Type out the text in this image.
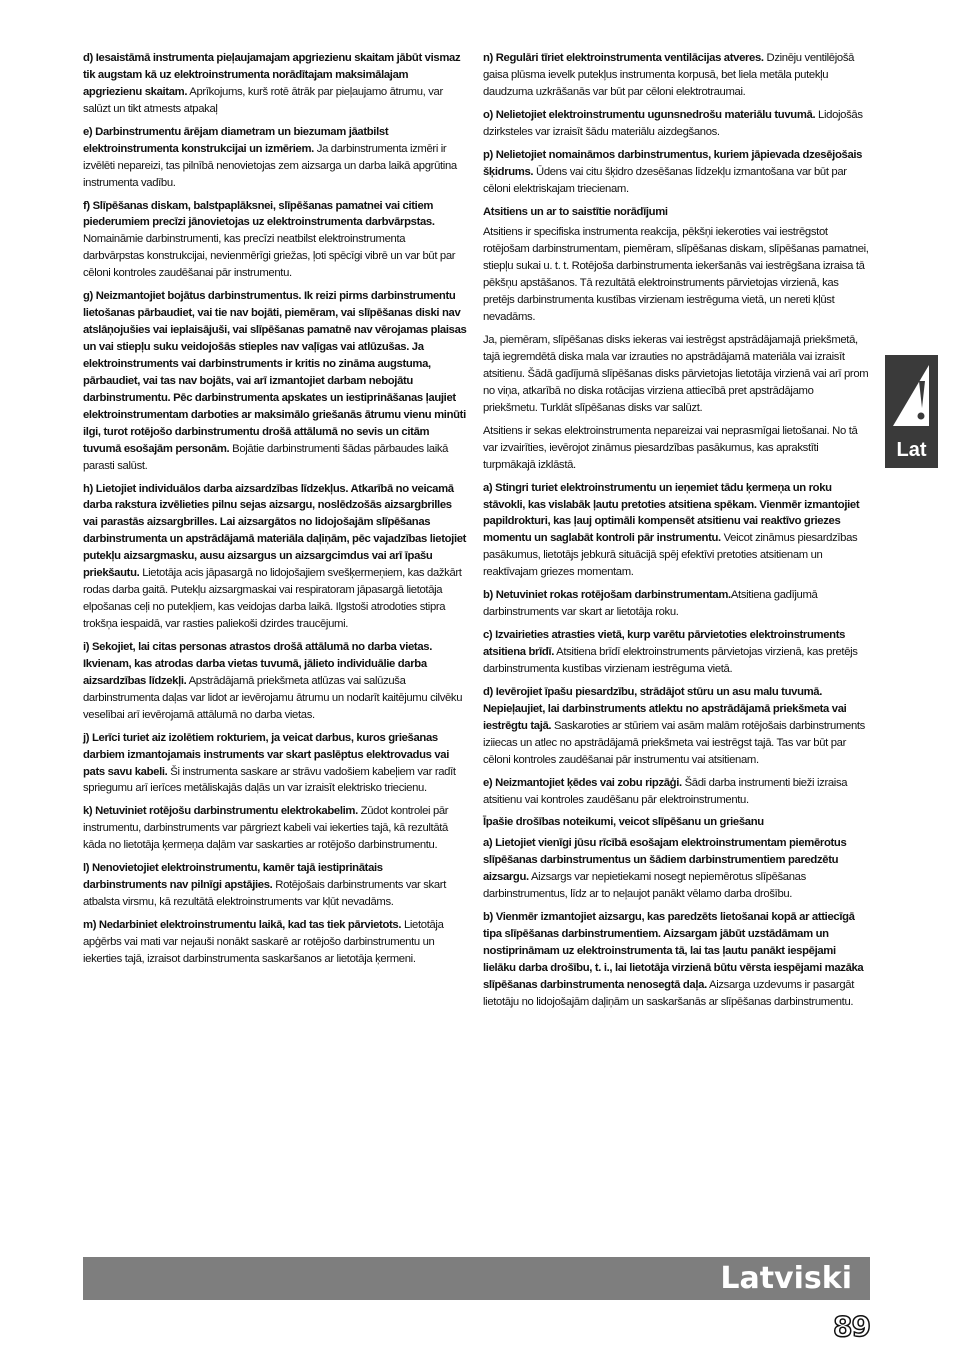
d) Iesaistāmā instrumenta pieļaujamajam apgriezienu skaitam jābūt vismaz tik augstam kā uz elektroinstrumenta norādītajam maksimālajam apgriezienu skaitam. Aprīkojums, kurš rotē ātrāk par pieļaujamo ātrumu, var salūzt un tikt atmests atpakaļ

e) Darbinstrumentu ārējam diametram un biezumam jāatbilst elektroinstrumenta konstrukcijai un izmēriem. Ja darbinstrumenta izmēri ir izvēlēti nepareizi, tas pilnībā nenovietojas zem aizsarga un darba laikā apgrūtina instrumenta vadību.

f) Slīpēšanas diskam, balstpaplāksnei, slīpēšanas pamatnei vai citiem piederumiem precīzi jānovietojas uz elektroinstrumenta darbvārpstas. Nomaināmie darbinstrumenti, kas precīzi neatbilst elektroinstrumenta darbvārpstas konstrukcijai, nevienmērīgi griežas, ļoti spēcīgi vibrē un var būt par cēloni kontroles zaudēšanai pār instrumentu.

g) Neizmantojiet bojātus darbinstrumentus. Ik reizi pirms darbinstrumentu lietošanas pārbaudiet, vai tie nav bojāti, piemēram, vai slīpēšanas diski nav atslāņojušies vai ieplaisājuši, vai slīpēšanas pamatnē nav vērojamas plaisas un vai stiepļu suku veidojošās stieples nav vaļīgas vai atlūzušas. Ja elektroinstruments vai darbinstruments ir kritis no zināma augstuma, pārbaudiet, vai tas nav bojāts, vai arī izmantojiet darbam nebojātu darbinstrumentu. Pēc darbinstrumenta apskates un iestiprināšanas ļaujiet elektroinstrumentam darboties ar maksimālo griešanās ātrumu vienu minūti ilgi, turot rotējošo darbinstrumentu drošā attālumā no sevis un citām tuvumā esošajām personām. Bojātie darbinstrumenti šādas pārbaudes laikā parasti salūst.

h) Lietojiet individuālos darba aizsardzības līdzekļus. Atkarībā no veicamā darba rakstura izvēlieties pilnu sejas aizsargu, noslēdzošās aizsargbrilles vai parastās aizsargbrilles. Lai aizsargātos no lidojošajām slīpēšanas darbinstrumenta un apstrādājamā materiāla daļiņām, pēc vajadzības lietojiet putekļu aizsargmasku, ausu aizsargus un aizsargcimdus vai arī īpašu priekšautu. Lietotāja acis jāpasargā no lidojošajiem svešķermeņiem, kas dažkārt rodas darba gaitā. Putekļu aizsargmaskai vai respiratoram jāpasargā lietotāja elpošanas ceļi no putekļiem, kas veidojas darba laikā. Ilgstoši atrodoties stipra trokšņa iespaidā, var rasties paliekoši dzirdes traucējumi.

i) Sekojiet, lai citas personas atrastos drošā attālumā no darba vietas. Ikvienam, kas atrodas darba vietas tuvumā, jālieto individuālie darba aizsardzības līdzekļi. Apstrādājamā priekšmeta atlūzas vai salūzuša darbinstrumenta daļas var lidot ar ievērojamu ātrumu un nodarīt kaitējumu cilvēku veselībai arī ievērojamā attālumā no darba vietas.

j) Lerīci turiet aiz izolētiem rokturiem, ja veicat darbus, kuros griešanas darbiem izmantojamais instruments var skart paslēptus elektrovadus vai pats savu kabeli. Ši instrumenta saskare ar strāvu vadošiem kabeļiem var radīt spriegumu arī ierīces metāliskajās daļās un var izraisīt elektrisko triecienu.

k) Netuviniet rotējošu darbinstrumentu elektrokabelim. Zūdot kontrolei pār instrumentu, darbinstruments var pārgriezt kabeli vai iekerties tajā, kā rezultātā kāda no lietotāja ķermeņa daļām var saskarties ar rotējošo darbinstrumentu.

l) Nenovietojiet elektroinstrumentu, kamēr tajā iestiprinātais darbinstruments nav pilnīgi apstājies. Rotējošais darbinstruments var skart atbalsta virsmu, kā rezultātā elektroinstruments var kļūt nevadāms.

m) Nedarbiniet elektroinstrumentu laikā, kad tas tiek pārvietots. Lietotāja apģērbs vai mati var nejauši nonākt saskarē ar rotējošo darbinstrumentu un iekerties tajā, izraisot darbinstrumenta saskaršanos ar lietotāja ķermeni.

n) Regulāri tīriet elektroinstrumenta ventilācijas atveres. Dzinēju ventilējošā gaisa plūsma ievelk putekļus instrumenta korpusā, bet liela metāla putekļu daudzuma uzkrāšanās var būt par cēloni elektrotraumai.

o) Nelietojiet elektroinstrumentu ugunsnedrošu materiālu tuvumā. Lidojošās dzirksteles var izraisīt šādu materiālu aizdegšanos.

p) Nelietojiet nomaināmos darbinstrumentus, kuriem jāpievada dzesējošais šķidrums. Ūdens vai citu šķidro dzesēšanas līdzekļu izmantošana var būt par cēloni elektriskajam triecienam.

Atsitiens un ar to saistītie norādījumi

Atsitiens ir specifiska instrumenta reakcija, pēkšņi iekeroties vai iestrēgstot rotējošam darbinstrumentam, piemēram, slīpēšanas diskam, slīpēšanas pamatnei, stiepļu sukai u. t. t. Rotējoša darbinstrumenta iekeršanās vai iestrēgšana izraisa tā pēkšņu apstāšanos. Tā rezultātā elektroinstruments pārvietojas virzienā, kas pretējs darbinstrumenta kustības virzienam iestrēguma vietā, un nereti kļūst nevadāms.

Ja, piemēram, slīpēšanas disks iekeras vai iestrēgst apstrādājamajā priekšmetā, tajā iegremdētā diska mala var izrauties no apstrādājamā materiāla vai izraisīt atsitienu. Šādā gadījumā slīpēšanas disks pārvietojas lietotāja virzienā vai arī prom no viņa, atkarībā no diska rotācijas virziena attiecībā pret apstrādājamo priekšmetu. Turklāt slīpēšanas disks var salūzt.

Atsitiens ir sekas elektroinstrumenta nepareizai vai neprasmīgai lietošanai. No tā var izvairīties, ievērojot zināmus piesardzības pasākumus, kas aprakstīti turpmākajā izklāstā.

a) Stingri turiet elektroinstrumentu un ieņemiet tādu ķermeņa un roku stāvokli, kas vislabāk ļautu pretoties atsitiena spēkam. Vienmēr izmantojiet papildrokturi, kas ļauj optimāli kompensēt atsitienu vai reaktīvo griezes momentu un saglabāt kontroli pār instrumentu. Veicot zināmus piesardzības pasākumus, lietotājs jebkurā situācijā spēj efektīvi pretoties atsitienam un reaktīvajam griezes momentam.

b) Netuviniet rokas rotējošam darbinstrumentam.Atsitiena gadījumā darbinstruments var skart ar lietotāja roku.

c) Izvairieties atrasties vietā, kurp varētu pārvietoties elektroinstruments atsitiena brīdī. Atsitiena brīdī elektroinstruments pārvietojas virzienā, kas pretējs darbinstrumenta kustības virzienam iestrēguma vietā.

d) Ievērojiet īpašu piesardzību, strādājot stūru un asu malu tuvumā. Nepieļaujiet, lai darbinstruments atlektu no apstrādājamā priekšmeta vai iestrēgtu tajā. Saskaroties ar stūriem vai asām malām rotējošais darbinstruments iziiecas un atlec no apstrādājamā priekšmeta vai iestrēgst tajā. Tas var būt par cēloni kontroles zaudēšanai pār instrumentu vai atsitienam.

e) Neizmantojiet ķēdes vai zobu ripzāģi. Šādi darba instrumenti bieži izraisa atsitienu vai kontroles zaudēšanu pār elektroinstrumentu.

Īpašie drošības noteikumi, veicot slīpēšanu un griešanu

a) Lietojiet vienīgi jūsu rīcībā esošajam elektroinstrumentam piemērotus slīpēšanas darbinstrumentus un šādiem darbinstrumentiem paredzētu aizsargu. Aizsargs var nepietiekami nosegt nepiemērotus slīpēšanas darbinstrumentus, līdz ar to neļaujot panākt vēlamo darba drošību.

b) Vienmēr izmantojiet aizsargu, kas paredzēts lietošanai kopā ar attiecīgā tipa slīpēšanas darbinstrumentiem. Aizsargam jābūt uzstādāmam un nostiprināmam uz elektroinstrumenta tā, lai tas ļautu panākt iespējami lielāku darba drošību, t. i., lai lietotāja virzienā būtu vērsta iespējami mazāka slīpēšanas darbinstrumenta nenosegtā daļa. Aizsarga uzdevums ir pasargāt lietotāju no lidojošajām daļiņām un saskaršanās ar slīpēšanas darbinstrumentu.

Lat
Latviski
89
